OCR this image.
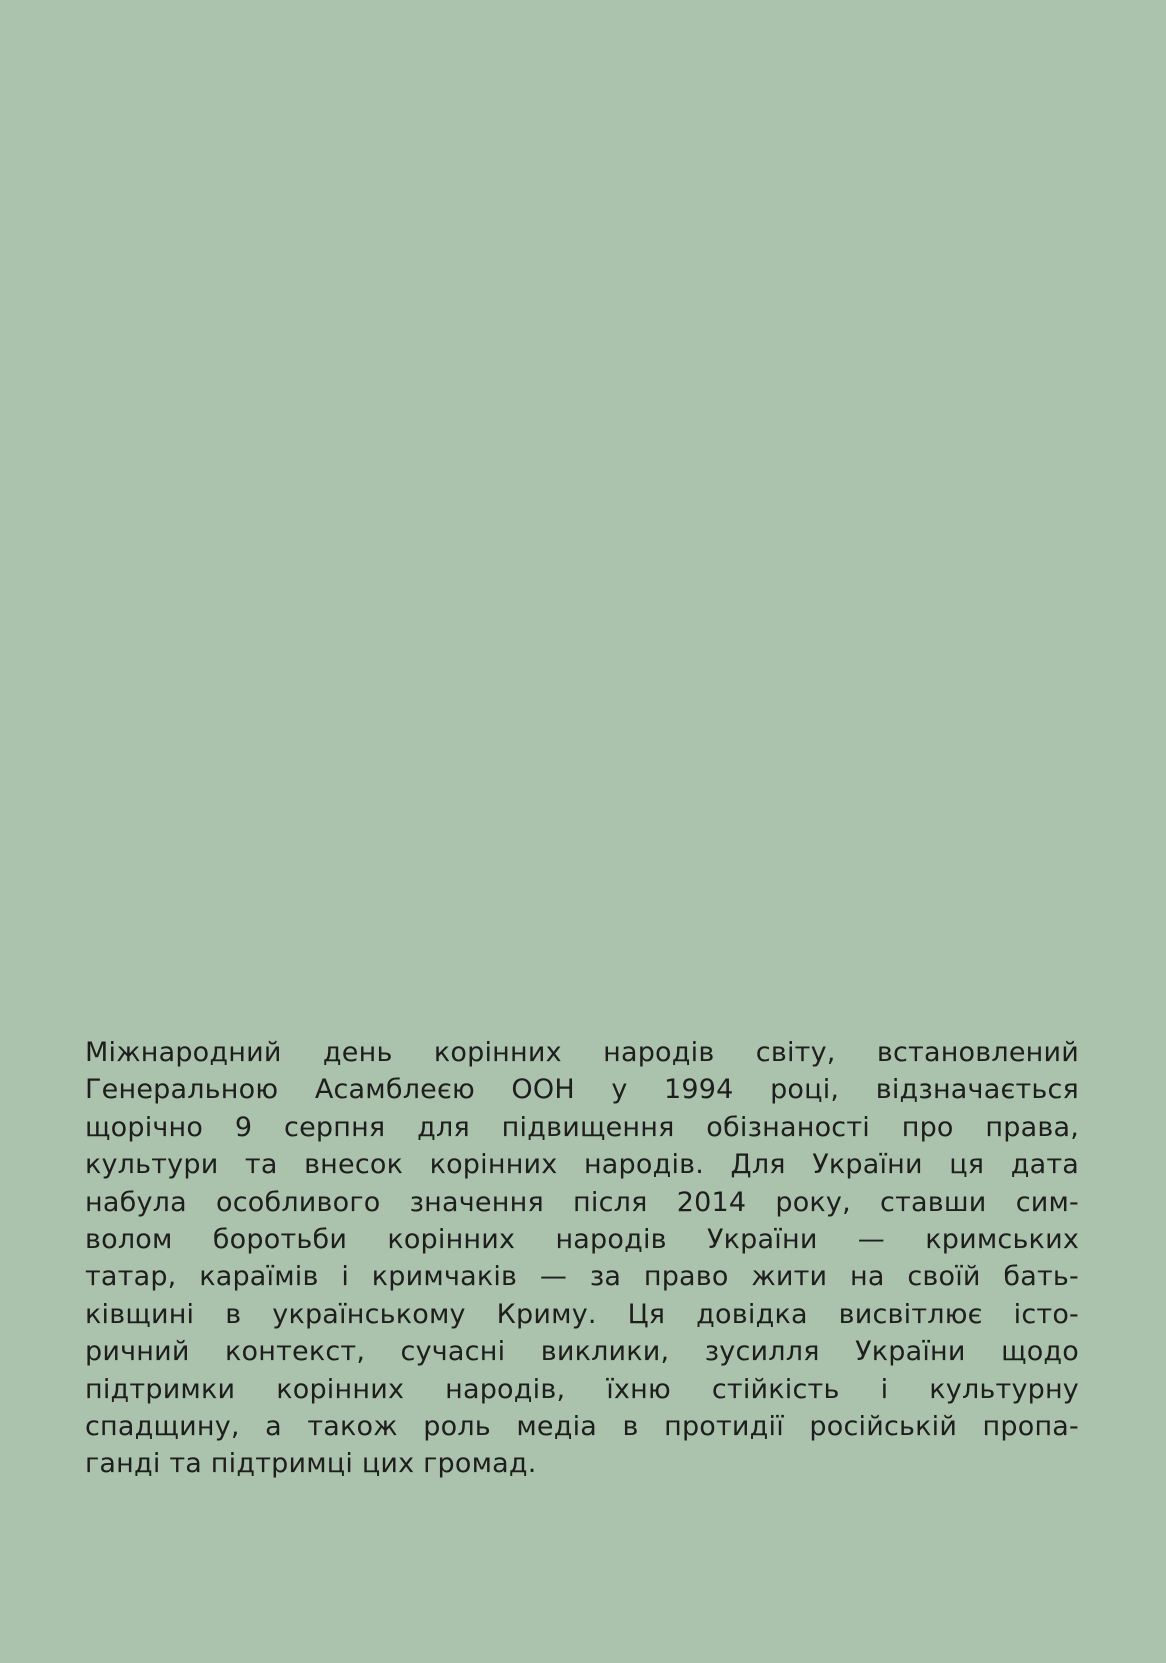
Міжнародний день корінних народів світу, встановлений
Генеральною Асамблеєю ООН у 1994 році, відзначається
щорічно 9 серпня для підвищення обізнаності про права,
культури та внесок корінних народів. Для України ця дата
набула особливого значення після 2014 року, ставши сим-
волом боротьби корінних народів України — кримських
татар, караїмів і кримчаків — за право жити на своїй бать-
ківщині в українському Криму. Ця довідка висвітлює істо-
ричний контекст, сучасні виклики, зусилля України щодо
підтримки корінних народів, їхню стійкість і культурну
спадщину, а також роль медіа в протидії російській пропа-
ганді та підтримці цих громад.
